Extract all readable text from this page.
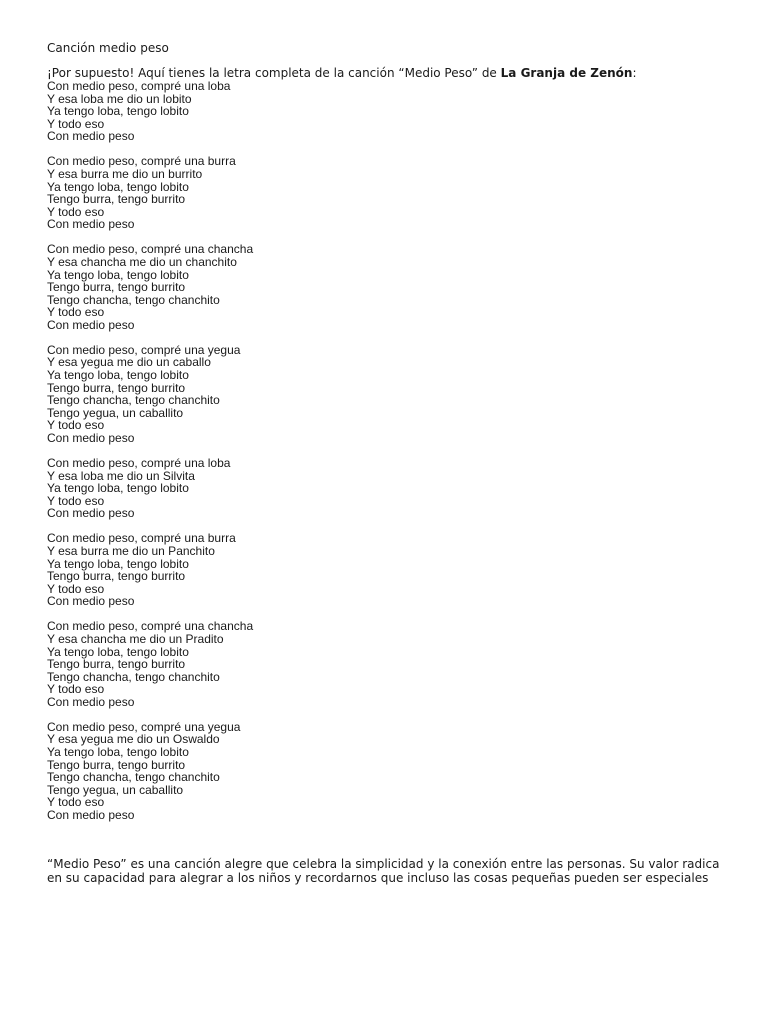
Canción medio peso

¡Por supuesto! Aquí tienes la letra completa de la canción “Medio Peso” de La Granja de Zenón:

Con medio peso, compré una loba
Y esa loba me dio un lobito
Ya tengo loba, tengo lobito
Y todo eso
Con medio peso
Con medio peso, compré una burra
Y esa burra me dio un burrito
Ya tengo loba, tengo lobito
Tengo burra, tengo burrito
Y todo eso
Con medio peso
Con medio peso, compré una chancha
Y esa chancha me dio un chanchito
Ya tengo loba, tengo lobito
Tengo burra, tengo burrito
Tengo chancha, tengo chanchito
Y todo eso
Con medio peso
Con medio peso, compré una yegua
Y esa yegua me dio un caballo
Ya tengo loba, tengo lobito
Tengo burra, tengo burrito
Tengo chancha, tengo chanchito
Tengo yegua, un caballito
Y todo eso
Con medio peso
Con medio peso, compré una loba
Y esa loba me dio un Silvita
Ya tengo loba, tengo lobito
Y todo eso
Con medio peso
Con medio peso, compré una burra
Y esa burra me dio un Panchito
Ya tengo loba, tengo lobito
Tengo burra, tengo burrito
Y todo eso
Con medio peso
Con medio peso, compré una chancha
Y esa chancha me dio un Pradito
Ya tengo loba, tengo lobito
Tengo burra, tengo burrito
Tengo chancha, tengo chanchito
Y todo eso
Con medio peso
Con medio peso, compré una yegua
Y esa yegua me dio un Oswaldo
Ya tengo loba, tengo lobito
Tengo burra, tengo burrito
Tengo chancha, tengo chanchito
Tengo yegua, un caballito
Y todo eso
Con medio peso

“Medio Peso” es una canción alegre que celebra la simplicidad y la conexión entre las personas. Su valor radica en su capacidad para alegrar a los niños y recordarnos que incluso las cosas pequeñas pueden ser especiales
